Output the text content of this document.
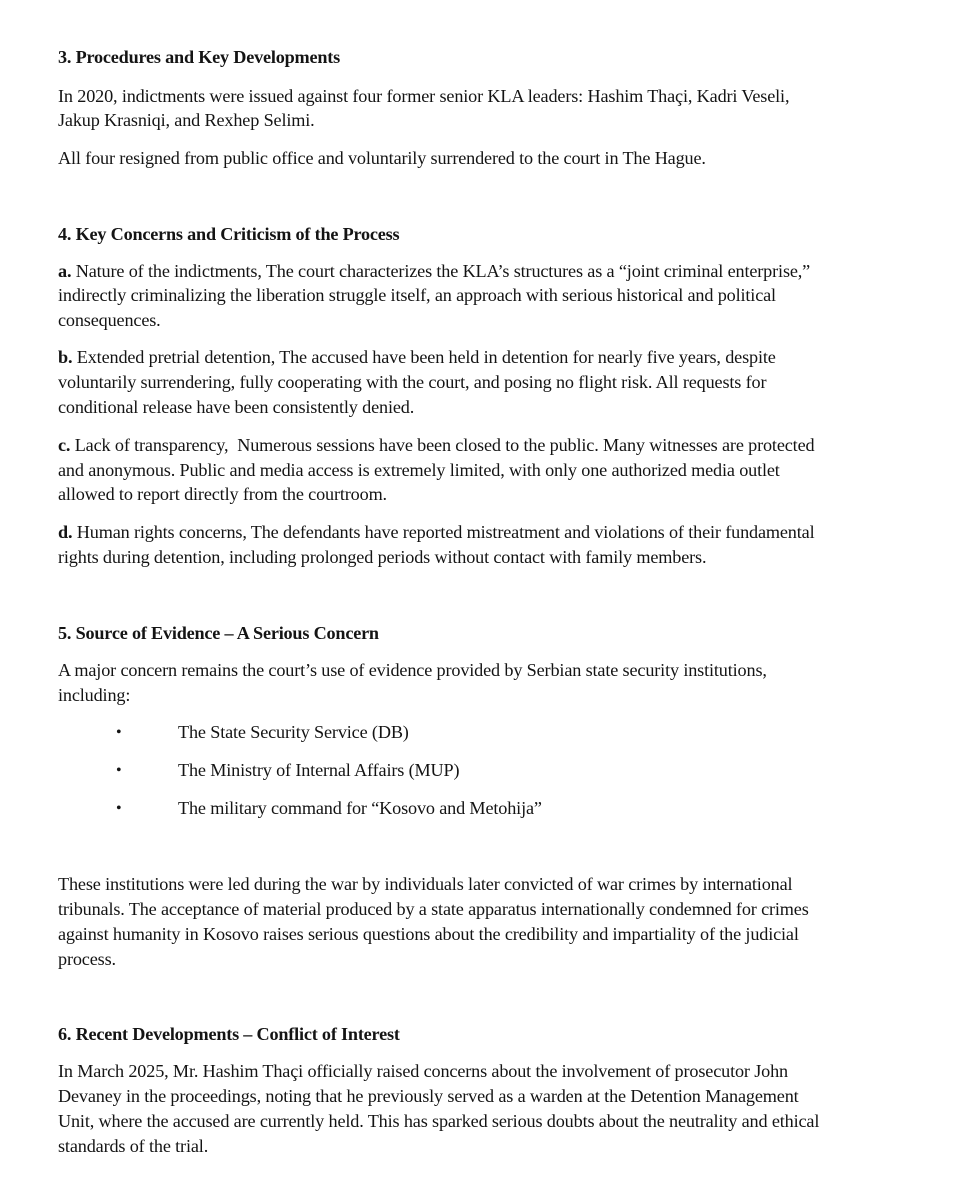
3. Procedures and Key Developments
In 2020, indictments were issued against four former senior KLA leaders: Hashim Thaçi, Kadri Veseli,
Jakup Krasniqi, and Rexhep Selimi.
All four resigned from public office and voluntarily surrendered to the court in The Hague.
4. Key Concerns and Criticism of the Process
a. Nature of the indictments, The court characterizes the KLA’s structures as a “joint criminal enterprise,”
indirectly criminalizing the liberation struggle itself, an approach with serious historical and political
consequences.
b. Extended pretrial detention, The accused have been held in detention for nearly five years, despite
voluntarily surrendering, fully cooperating with the court, and posing no flight risk. All requests for
conditional release have been consistently denied.
c. Lack of transparency,  Numerous sessions have been closed to the public. Many witnesses are protected
and anonymous. Public and media access is extremely limited, with only one authorized media outlet
allowed to report directly from the courtroom.
d. Human rights concerns, The defendants have reported mistreatment and violations of their fundamental
rights during detention, including prolonged periods without contact with family members.
5. Source of Evidence – A Serious Concern
A major concern remains the court’s use of evidence provided by Serbian state security institutions,
including:
•	The State Security Service (DB)
•	The Ministry of Internal Affairs (MUP)
•	The military command for “Kosovo and Metohija”
These institutions were led during the war by individuals later convicted of war crimes by international
tribunals. The acceptance of material produced by a state apparatus internationally condemned for crimes
against humanity in Kosovo raises serious questions about the credibility and impartiality of the judicial
process.
6. Recent Developments – Conflict of Interest
In March 2025, Mr. Hashim Thaçi officially raised concerns about the involvement of prosecutor John
Devaney in the proceedings, noting that he previously served as a warden at the Detention Management
Unit, where the accused are currently held. This has sparked serious doubts about the neutrality and ethical
standards of the trial.
